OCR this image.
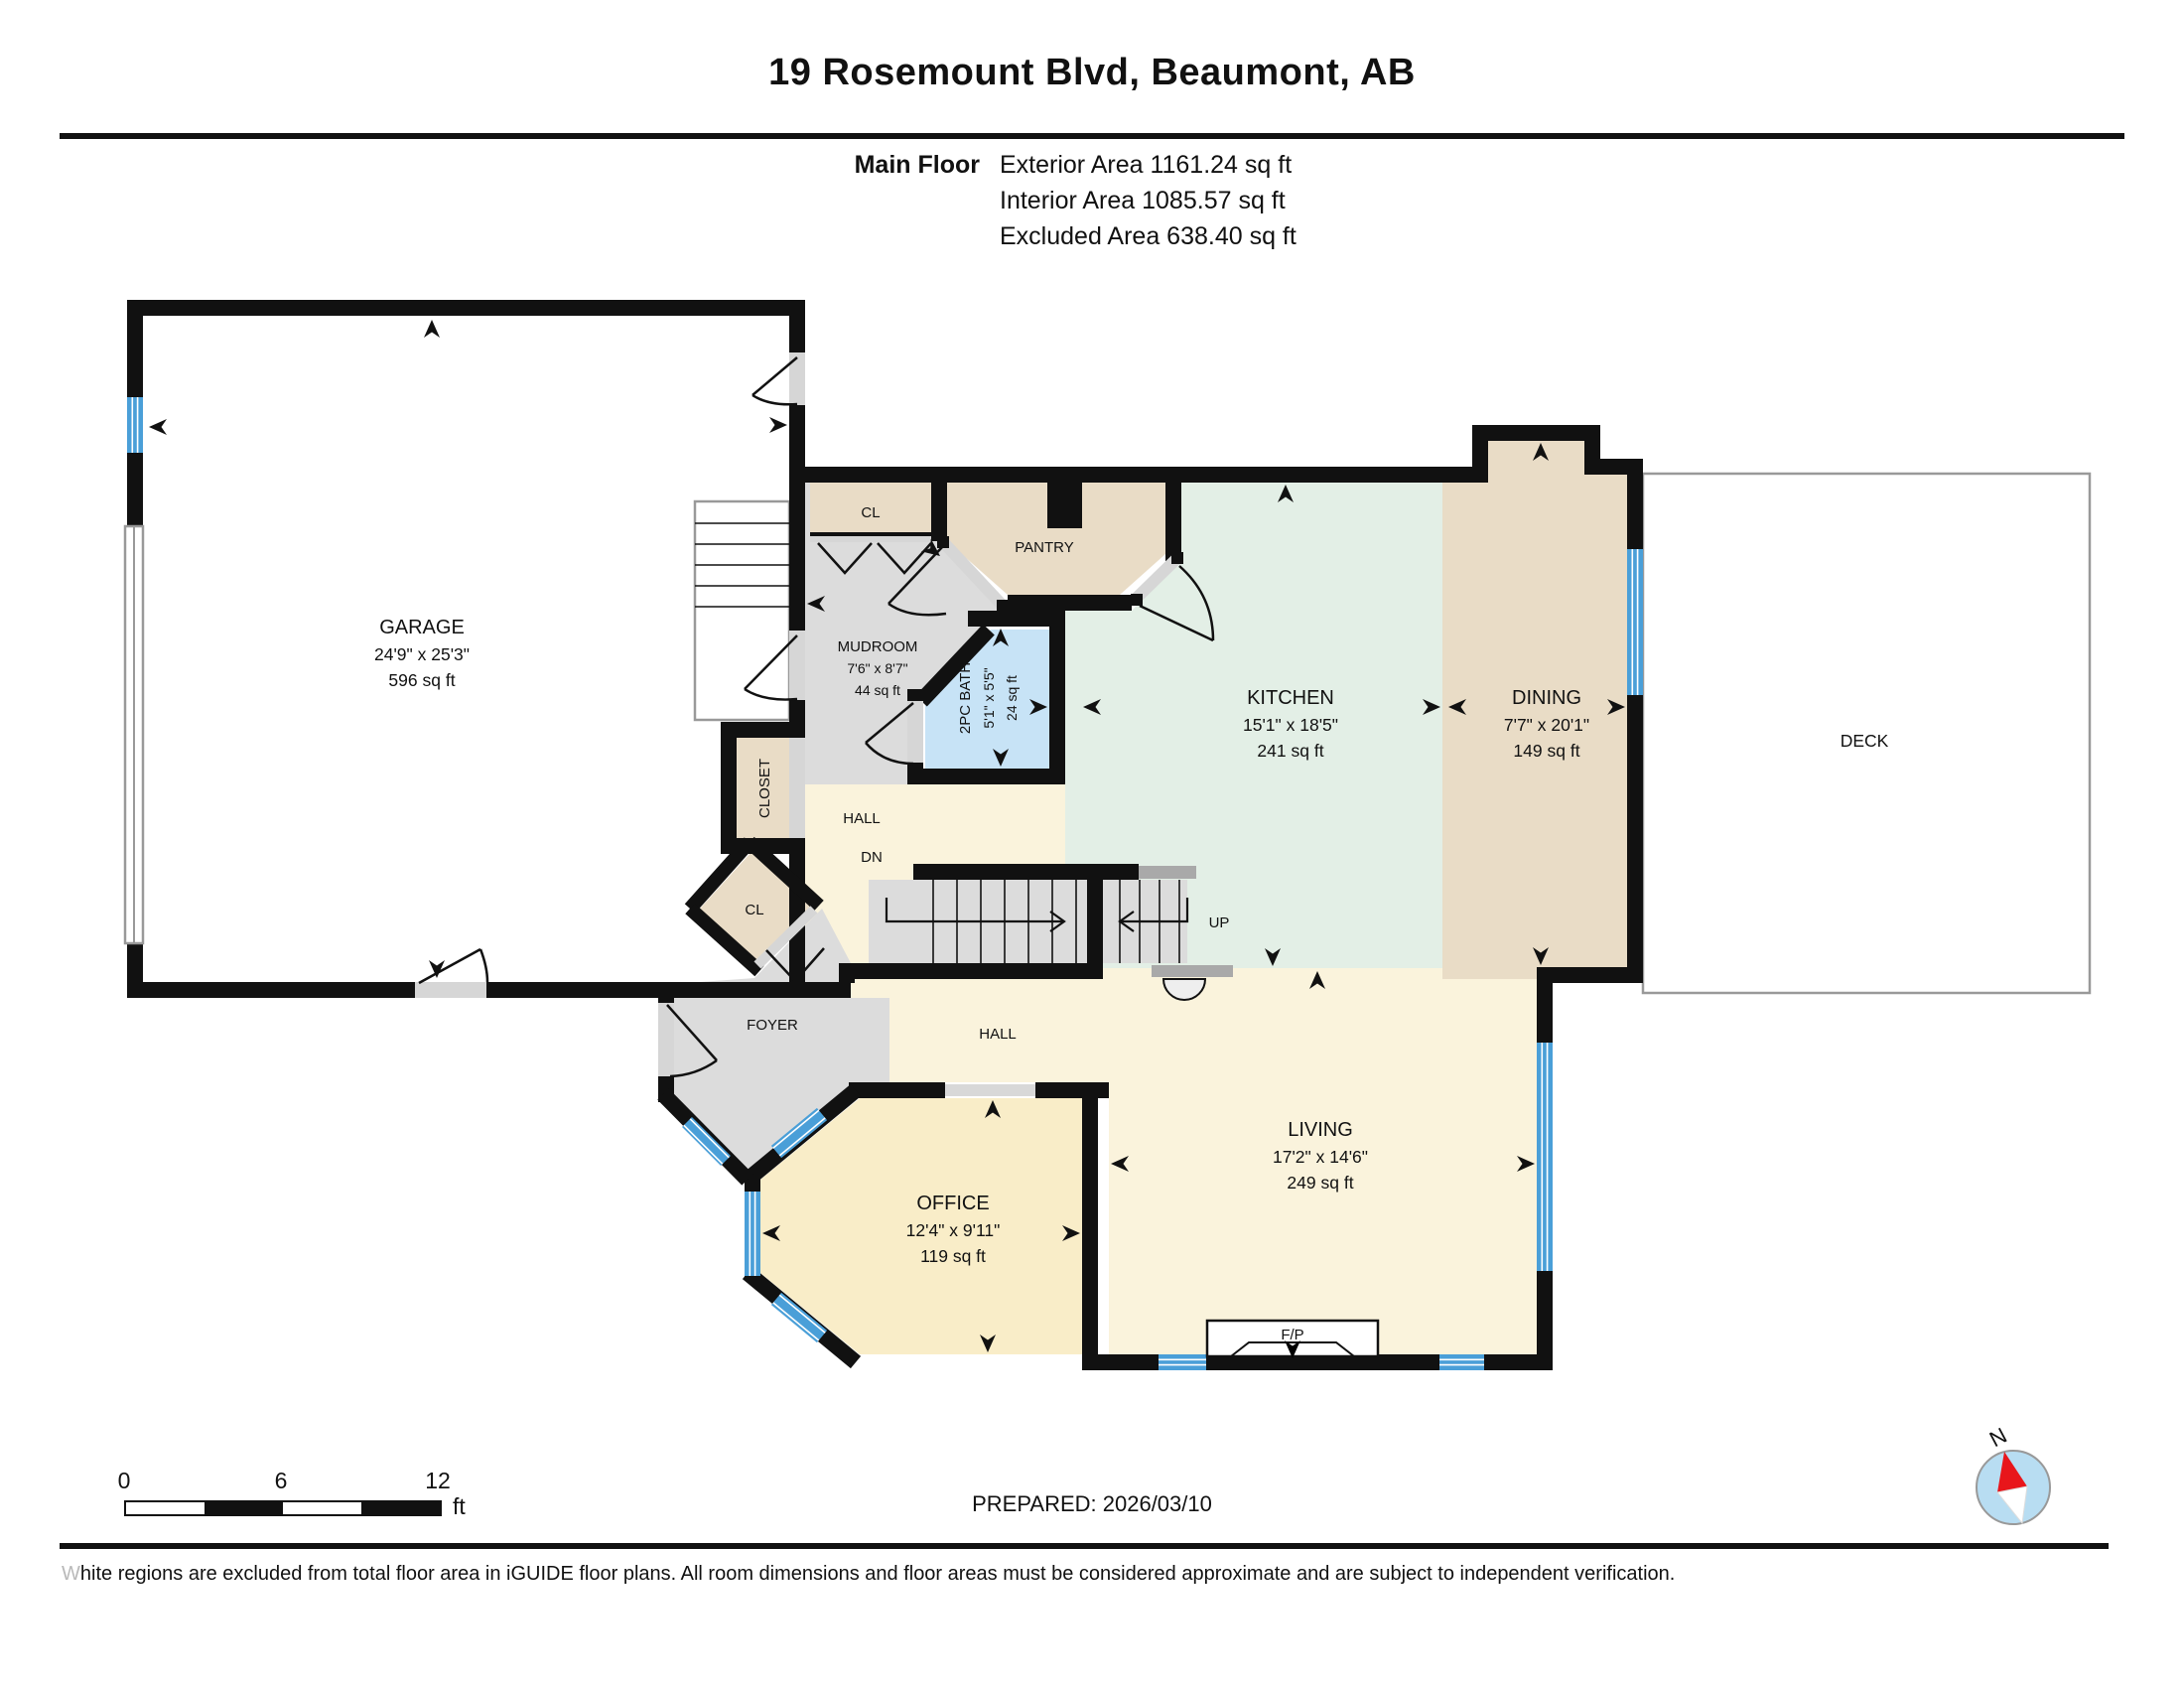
19 Rosemount Blvd, Beaumont, AB
Main Floor Exterior Area 1161.24 sq ft
Interior Area 1085.57 sq ft
Excluded Area 638.40 sq ft
GARAGE
24'9" x 25'3"
596 sq ft
MUDROOM
7'6" x 8'7"
44 sq ft	2PC BATH 5'1" x 5'5" 24 sq ft	KITCHEN
15'1" x 18'5"
241 sq ft
DINING
7'7" x 20'1"
149 sq ft
OFFICE
12'4" x 9'11"
119 sq ft
LIVING
17'2" x 14'6"
249 sq ft
CL
PANTRY
CLOSET
HALL
DN
UP
CL
FOYER
HALL
DECK
F/P
N
PREPARED: 2026/03/10
0	6	12
ft
White regions are excluded from total floor area in iGUIDE floor plans. All room dimensions and floor areas must be considered approximate and are subject to independent verification.
